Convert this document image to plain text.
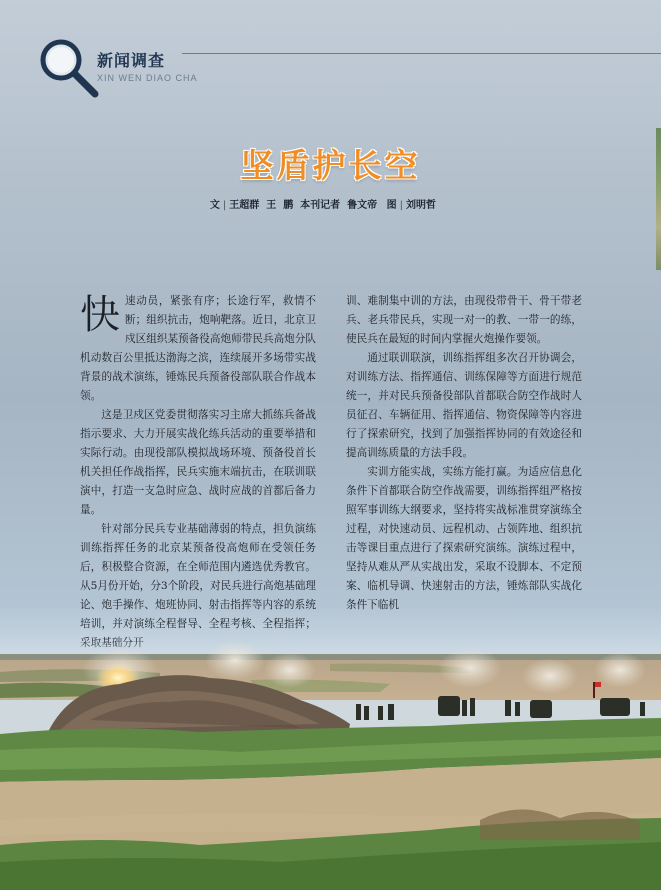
新闻调查
XIN WEN DIAO CHA
坚盾护长空
文 | 王超群  王  鹏  本刊记者  鲁文帝 图 | 刘明哲

快速动员，紧张有序；长途行军，救情不断；组织抗击，炮响靶落。近日，北京卫戍区组织某预备役高炮师带民兵高炮分队机动数百公里抵达渤海之滨，连续展开多场带实战背景的战术演练，锤炼民兵预备役部队联合作战本领。

这是卫戍区党委贯彻落实习主席大抓练兵备战指示要求、大力开展实战化练兵活动的重要举措和实际行动。由现役部队模拟战场环境、预备役首长机关担任作战指挥，民兵实施末端抗击，在联训联演中，打造一支急时应急、战时应战的首都后备力量。

针对部分民兵专业基础薄弱的特点，担负演练训练指挥任务的北京某预备役高炮师在受领任务后，积极整合资源，在全师范围内遴选优秀教官。从5月份开始，分3个阶段，对民兵进行高炮基础理论、炮手操作、炮班协同、射击指挥等内容的系统培训，并对演练全程督导、全程考核、全程指挥；

训、难制集中训的方法，由现役带骨干、骨干带老兵、老兵带民兵，实现一对一的教、一带一的练，使民兵在最短的时间内掌握火炮操作要领。

通过联训联演，训练指挥组多次召开协调会，对训练方法、指挥通信、训练保障等方面进行规范统一，并对民兵预备役部队首都联合防空作战时人员征召、车辆征用、指挥通信、物资保障等内容进行了探索研究，找到了加强指挥协同的有效途径和提高训练质量的方法手段。

实训方能实战，实练方能打赢。为适应信息化条件下首都联合防空作战需要，训练指挥组严格按照军事训练大纲要求，坚持将实战标准贯穿演练全过程，对快速动员、远程机动、占领阵地、组织抗击等课目重点进行了探索研究演练。演练过程中，坚持从难从严从实战出发，采取不设脚本、不定预案、临机导调、快速射击的方法，锤炼部队实战化条件下临机
